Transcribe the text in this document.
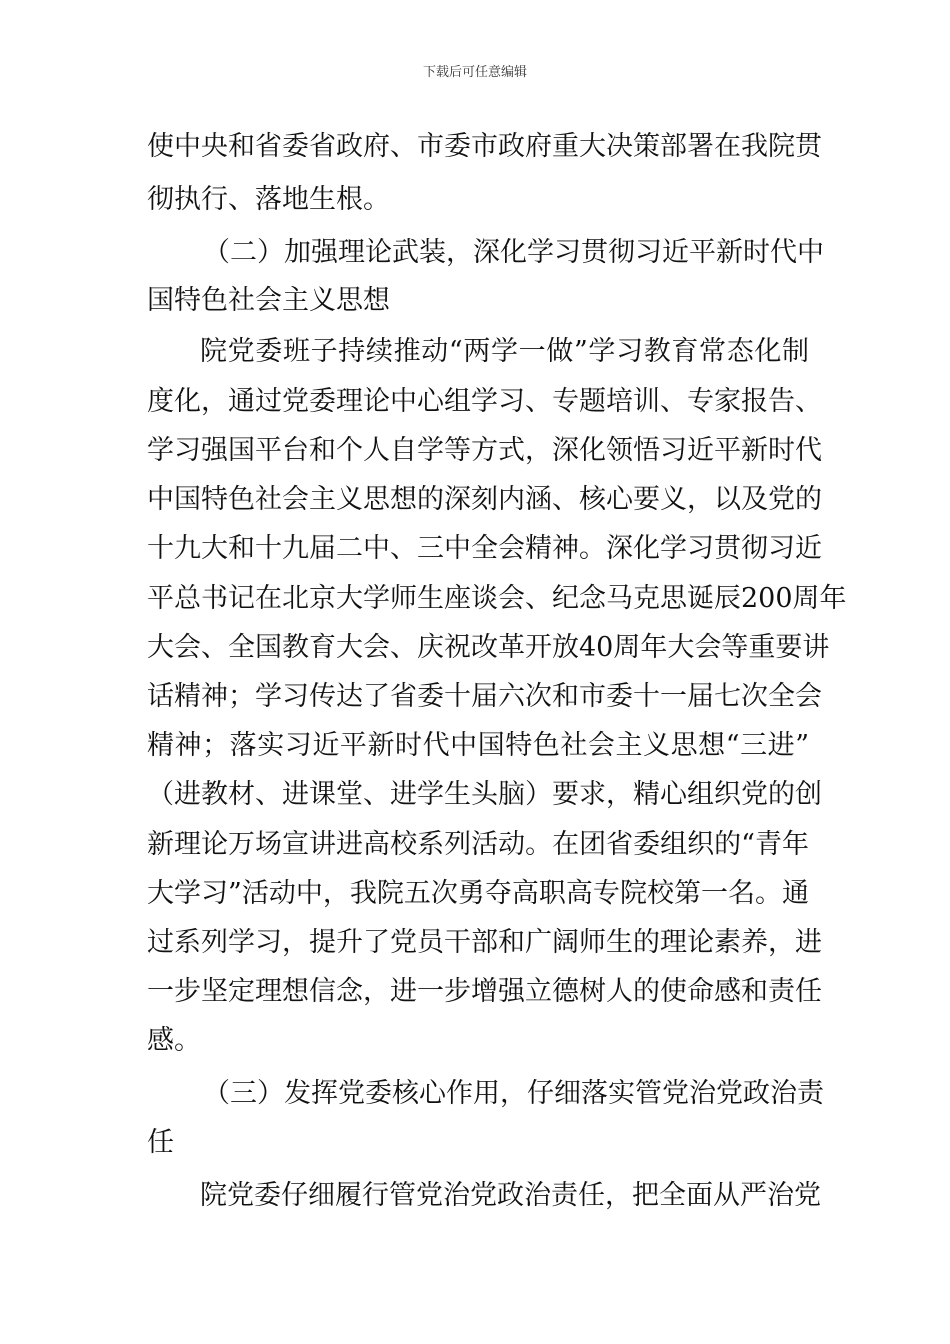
下载后可任意编辑
使中央和省委省政府、市委市政府重大决策部署在我院贯
彻执行、落地生根。
（二）加强理论武装，深化学习贯彻习近平新时代中
国特色社会主义思想
院党委班子持续推动“两学一做”学习教育常态化制
度化，通过党委理论中心组学习、专题培训、专家报告、
学习强国平台和个人自学等方式，深化领悟习近平新时代
中国特色社会主义思想的深刻内涵、核心要义，以及党的
十九大和十九届二中、三中全会精神。深化学习贯彻习近
平总书记在北京大学师生座谈会、纪念马克思诞辰200周年
大会、全国教育大会、庆祝改革开放40周年大会等重要讲
话精神；学习传达了省委十届六次和市委十一届七次全会
精神；落实习近平新时代中国特色社会主义思想“三进”
（进教材、进课堂、进学生头脑）要求，精心组织党的创
新理论万场宣讲进高校系列活动。在团省委组织的“青年
大学习”活动中，我院五次勇夺高职高专院校第一名。通
过系列学习，提升了党员干部和广阔师生的理论素养，进
一步坚定理想信念，进一步增强立德树人的使命感和责任
感。
（三）发挥党委核心作用，仔细落实管党治党政治责
任
院党委仔细履行管党治党政治责任，把全面从严治党
